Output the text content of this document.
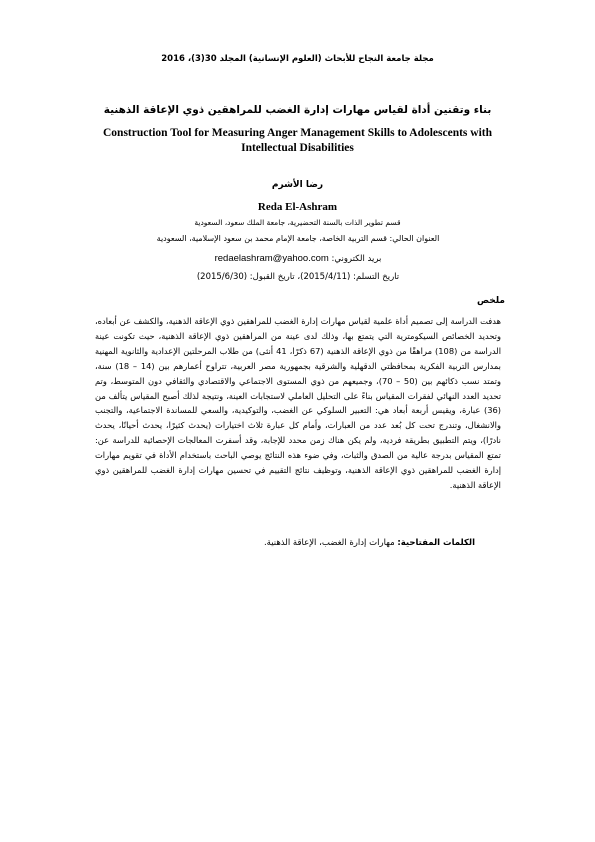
مجلة جامعة النجاح للأبحاث (العلوم الإنسانية) المجلد 30(3)، 2016
بناء وتقنين أداة لقياس مهارات إدارة الغضب للمراهقين ذوي الإعاقة الذهنية
Construction Tool for Measuring Anger Management Skills to Adolescents with Intellectual Disabilities
رضا الأشرم
Reda El-Ashram
قسم تطوير الذات بالسنة التحضيرية، جامعة الملك سعود، السعودية
العنوان الحالي: قسم التربية الخاصة، جامعة الإمام محمد بن سعود الإسلامية، السعودية
بريد الكتروني: redaelashram@yahoo.com
تاريخ التسلم: (2015/4/11)، تاريخ القبول: (2015/6/30)
ملخص
هدفت الدراسة إلى تصميم أداة علمية لقياس مهارات إدارة الغضب للمراهقين ذوي الإعاقة الذهنية، والكشف عن أبعاده، وتحديد الخصائص السيكومترية التي يتمتع بها، وذلك لدى عينة من المراهقين ذوي الإعاقة الذهنية، حيث تكونت عينة الدراسة من (108) مراهقًا من ذوي الإعاقة الذهنية (67 ذكرًا، 41 أنثى) من طلاب المرحلتين الإعدادية والثانوية المهنية بمدارس التربية الفكرية بمحافظتي الدقهلية والشرقية بجمهورية مصر العربية، تتراوح أعمارهم بين (14 – 18) سنة، وتمتد نسب ذكائهم بين (50 – 70)، وجميعهم من ذوي المستوى الاجتماعي والاقتصادي والثقافي دون المتوسط، وتم تحديد العدد النهائي لفقرات المقياس بناءً على التحليل العاملي لاستجابات العينة، ونتيجة لذلك أصبح المقياس يتألف من (36) عبارة، ويقيس أربعة أبعاد هي: التعبير السلوكي عن الغضب، والتوكيدية، والسعي للمساندة الاجتماعية، والتجنب والانشغال، وتندرج تحت كل بُعد عدد من العبارات، وأمام كل عبارة ثلاث اختيارات (يحدث كثيرًا، يحدث أحيانًا، يحدث نادرًا)، ويتم التطبيق بطريقة فردية، ولم يكن هناك زمن محدد للإجابة، وقد أسفرت المعالجات الإحصائية للدراسة عن: تمتع المقياس بدرجة عالية من الصدق والثبات، وفي ضوء هذه النتائج يوصي الباحث باستخدام الأداة في تقويم مهارات إدارة الغضب للمراهقين ذوي الإعاقة الذهنية، وتوظيف نتائج التقييم في تحسين مهارات إدارة الغضب للمراهقين ذوي الإعاقة الذهنية.
الكلمات المفتاحية: مهارات إدارة الغضب، الإعاقة الذهنية.
